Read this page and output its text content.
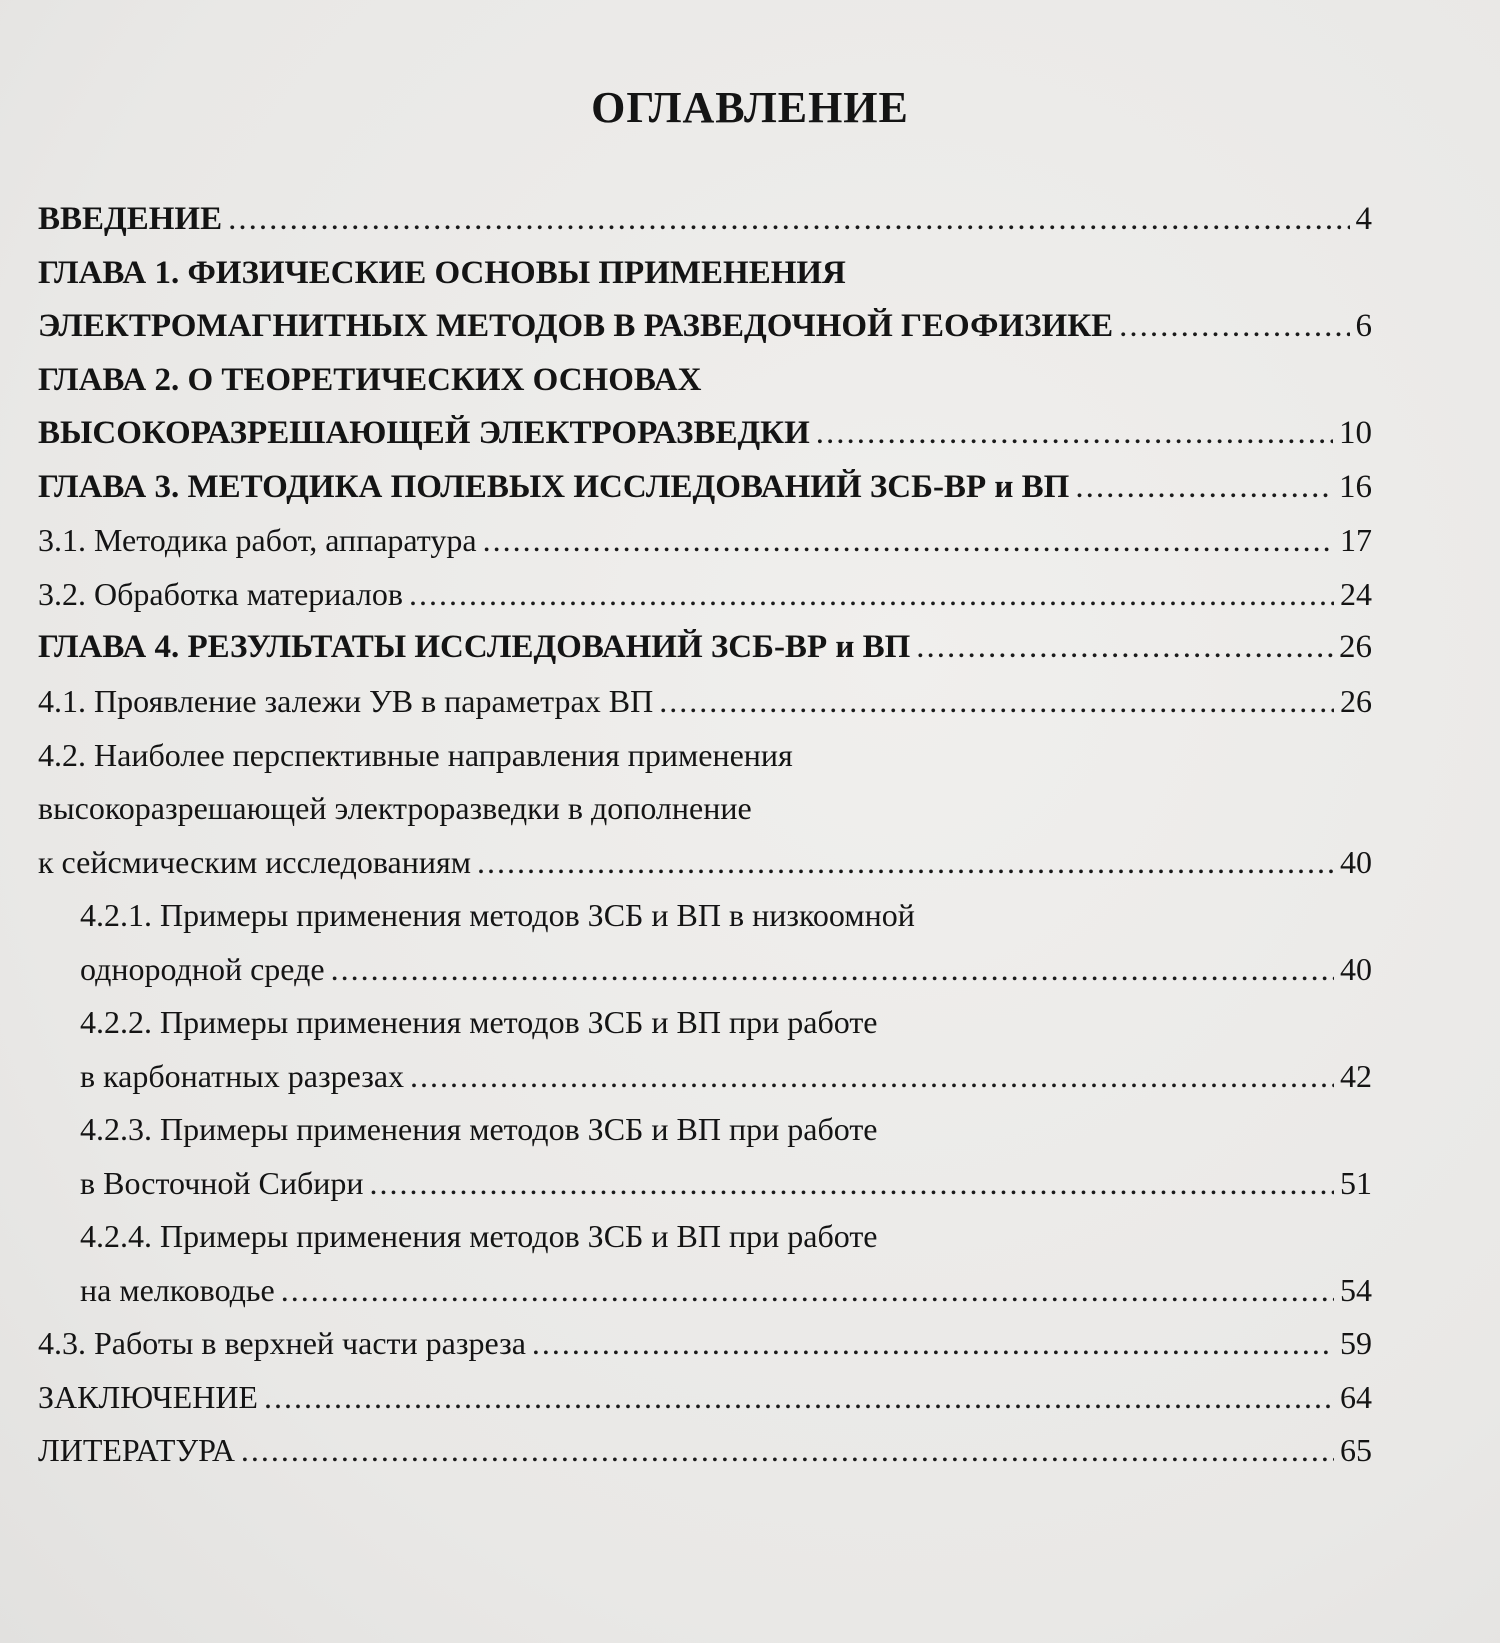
ОГЛАВЛЕНИЕ
ВВЕДЕНИЕ .....	4
ГЛАВА 1. ФИЗИЧЕСКИЕ ОСНОВЫ ПРИМЕНЕНИЯ
ЭЛЕКТРОМАГНИТНЫХ МЕТОДОВ В РАЗВЕДОЧНОЙ ГЕОФИЗИКЕ .....	6
ГЛАВА 2. О ТЕОРЕТИЧЕСКИХ ОСНОВАХ
ВЫСОКОРАЗРЕШАЮЩЕЙ ЭЛЕКТРОРАЗВЕДКИ .....	10
ГЛАВА 3. МЕТОДИКА ПОЛЕВЫХ ИССЛЕДОВАНИЙ ЗСБ-ВР и ВП .....	16
3.1. Методика работ, аппаратура .....	17
3.2. Обработка материалов .....	24
ГЛАВА 4. РЕЗУЛЬТАТЫ ИССЛЕДОВАНИЙ ЗСБ-ВР и ВП .....	26
4.1. Проявление залежи УВ в параметрах ВП .....	26
4.2. Наиболее перспективные направления применения
высокоразрешающей электроразведки в дополнение
к сейсмическим исследованиям .....	40
4.2.1. Примеры применения методов ЗСБ и ВП в низкоомной
однородной среде .....	40
4.2.2. Примеры применения методов ЗСБ и ВП при работе
в карбонатных разрезах .....	42
4.2.3. Примеры применения методов ЗСБ и ВП при работе
в Восточной Сибири .....	51
4.2.4. Примеры применения методов ЗСБ и ВП при работе
на мелководье .....	54
4.3. Работы в верхней части разреза .....	59
ЗАКЛЮЧЕНИЕ .....	64
ЛИТЕРАТУРА .....	65
